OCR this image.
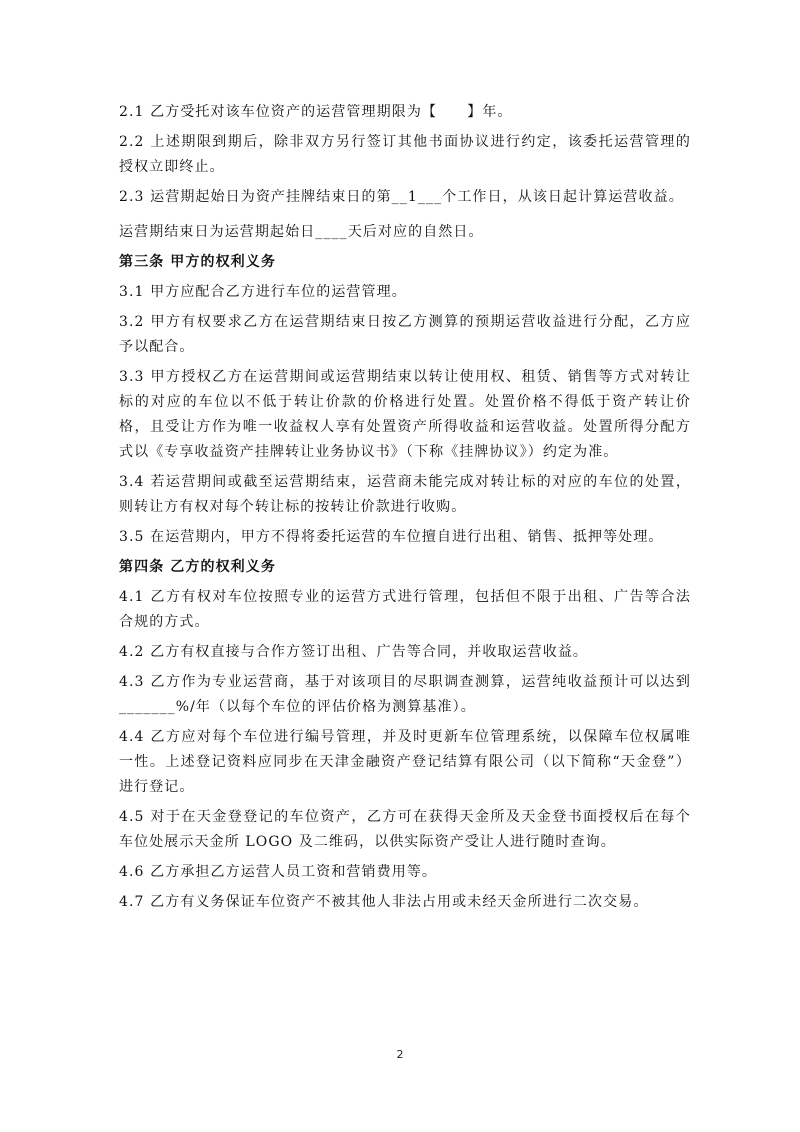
2.1 乙方受托对该车位资产的运营管理期限为【　　】年。

2.2 上述期限到期后，除非双方另行签订其他书面协议进行约定，该委托运营管理的授权立即终止。

2.3 运营期起始日为资产挂牌结束日的第__1___个工作日，从该日起计算运营收益。

运营期结束日为运营期起始日____天后对应的自然日。

第三条 甲方的权利义务

3.1 甲方应配合乙方进行车位的运营管理。

3.2 甲方有权要求乙方在运营期结束日按乙方测算的预期运营收益进行分配，乙方应予以配合。

3.3 甲方授权乙方在运营期间或运营期结束以转让使用权、租赁、销售等方式对转让标的对应的车位以不低于转让价款的价格进行处置。处置价格不得低于资产转让价格，且受让方作为唯一收益权人享有处置资产所得收益和运营收益。处置所得分配方式以《专享收益资产挂牌转让业务协议书》（下称《挂牌协议》）约定为准。

3.4 若运营期间或截至运营期结束，运营商未能完成对转让标的对应的车位的处置，则转让方有权对每个转让标的按转让价款进行收购。

3.5 在运营期内，甲方不得将委托运营的车位擅自进行出租、销售、抵押等处理。

第四条 乙方的权利义务

4.1 乙方有权对车位按照专业的运营方式进行管理，包括但不限于出租、广告等合法合规的方式。

4.2 乙方有权直接与合作方签订出租、广告等合同，并收取运营收益。

4.3 乙方作为专业运营商，基于对该项目的尽职调查测算，运营纯收益预计可以达到_______%/年（以每个车位的评估价格为测算基准）。

4.4 乙方应对每个车位进行编号管理，并及时更新车位管理系统，以保障车位权属唯一性。上述登记资料应同步在天津金融资产登记结算有限公司（以下简称“天金登”）进行登记。

4.5 对于在天金登登记的车位资产，乙方可在获得天金所及天金登书面授权后在每个车位处展示天金所 LOGO 及二维码，以供实际资产受让人进行随时查询。

4.6 乙方承担乙方运营人员工资和营销费用等。

4.7 乙方有义务保证车位资产不被其他人非法占用或未经天金所进行二次交易。

2
